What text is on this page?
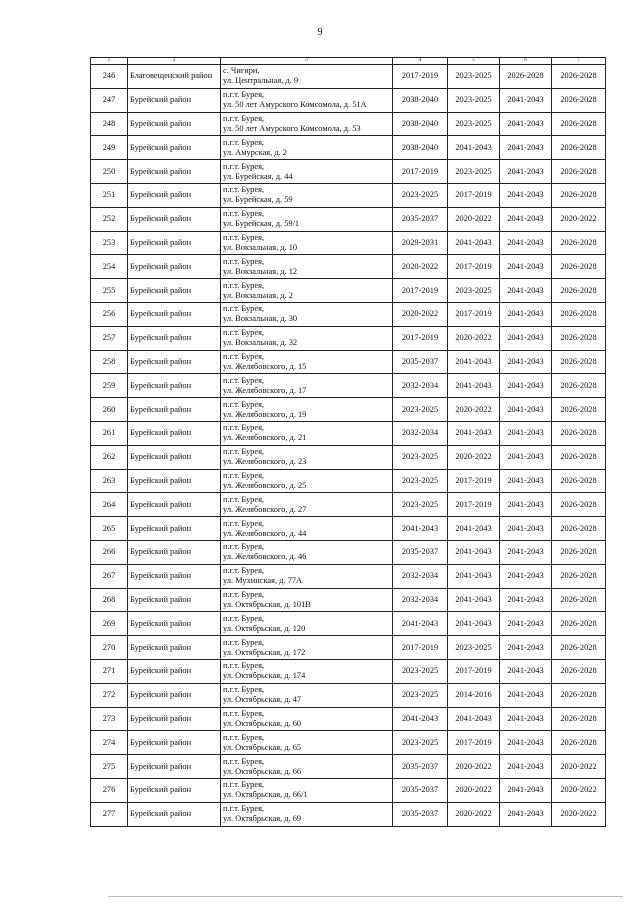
9
1	2	3	4	5	6	7
246	Благовещенский район	с. Чигири,
ул. Центральная, д. 9	2017-2019	2023-2025	2026-2028	2026-2028
247	Бурейский район	п.г.т. Бурея,
ул. 50 лет Амурского Комсомола, д. 51А	2038-2040	2023-2025	2041-2043	2026-2028
248	Бурейский район	п.г.т. Бурея,
ул. 50 лет Амурского Комсомола, д. 53	2038-2040	2023-2025	2041-2043	2026-2028
249	Бурейский район	п.г.т. Бурея,
ул. Амурская, д. 2	2038-2040	2041-2043	2041-2043	2026-2028
250	Бурейский район	п.г.т. Бурея,
ул. Бурейская, д. 44	2017-2019	2023-2025	2041-2043	2026-2028
251	Бурейский район	п.г.т. Бурея,
ул. Бурейская, д. 59	2023-2025	2017-2019	2041-2043	2026-2028
252	Бурейский район	п.г.т. Бурея,
ул. Бурейская, д. 59/1	2035-2037	2020-2022	2041-2043	2020-2022
253	Бурейский район	п.г.т. Бурея,
ул. Вокзальная, д. 10	2029-2031	2041-2043	2041-2043	2026-2028
254	Бурейский район	п.г.т. Бурея,
ул. Вокзальная, д. 12	2020-2022	2017-2019	2041-2043	2026-2028
255	Бурейский район	п.г.т. Бурея,
ул. Вокзальная, д. 2	2017-2019	2023-2025	2041-2043	2026-2028
256	Бурейский район	п.г.т. Бурея,
ул. Вокзальная, д. 30	2020-2022	2017-2019	2041-2043	2026-2028
257	Бурейский район	п.г.т. Бурея,
ул. Вокзальная, д. 32	2017-2019	2020-2022	2041-2043	2026-2028
258	Бурейский район	п.г.т. Бурея,
ул. Желябовского, д. 15	2035-2037	2041-2043	2041-2043	2026-2028
259	Бурейский район	п.г.т. Бурея,
ул. Желябовского, д. 17	2032-2034	2041-2043	2041-2043	2026-2028
260	Бурейский район	п.г.т. Бурея,
ул. Желябовского, д. 19	2023-2025	2020-2022	2041-2043	2026-2028
261	Бурейский район	п.г.т. Бурея,
ул. Желябовского, д. 21	2032-2034	2041-2043	2041-2043	2026-2028
262	Бурейский район	п.г.т. Бурея,
ул. Желябовского, д. 23	2023-2025	2020-2022	2041-2043	2026-2028
263	Бурейский район	п.г.т. Бурея,
ул. Желябовского, д. 25	2023-2025	2017-2019	2041-2043	2026-2028
264	Бурейский район	п.г.т. Бурея,
ул. Желябовского, д. 27	2023-2025	2017-2019	2041-2043	2026-2028
265	Бурейский район	п.г.т. Бурея,
ул. Желябовского, д. 44	2041-2043	2041-2043	2041-2043	2026-2028
266	Бурейский район	п.г.т. Бурея,
ул. Желябовского, д. 46	2035-2037	2041-2043	2041-2043	2026-2028
267	Бурейский район	п.г.т. Бурея,
ул. Мухинская, д. 77А	2032-2034	2041-2043	2041-2043	2026-2028
268	Бурейский район	п.г.т. Бурея,
ул. Октябрьская, д. 101В	2032-2034	2041-2043	2041-2043	2026-2028
269	Бурейский район	п.г.т. Бурея,
ул. Октябрьская, д. 120	2041-2043	2041-2043	2041-2043	2026-2028
270	Бурейский район	п.г.т. Бурея,
ул. Октябрьская, д. 172	2017-2019	2023-2025	2041-2043	2026-2028
271	Бурейский район	п.г.т. Бурея,
ул. Октябрьская, д. 174	2023-2025	2017-2019	2041-2043	2026-2028
272	Бурейский район	п.г.т. Бурея,
ул. Октябрьская, д. 47	2023-2025	2014-2016	2041-2043	2026-2028
273	Бурейский район	п.г.т. Бурея,
ул. Октябрьская, д. 60	2041-2043	2041-2043	2041-2043	2026-2028
274	Бурейский район	п.г.т. Бурея,
ул. Октябрьская, д. 65	2023-2025	2017-2019	2041-2043	2026-2028
275	Бурейский район	п.г.т. Бурея,
ул. Октябрьская, д. 66	2035-2037	2020-2022	2041-2043	2020-2022
276	Бурейский район	п.г.т. Бурея,
ул. Октябрьская, д. 66/1	2035-2037	2020-2022	2041-2043	2020-2022
277	Бурейский район	п.г.т. Бурея,
ул. Октябрьская, д. 69	2035-2037	2020-2022	2041-2043	2020-2022
